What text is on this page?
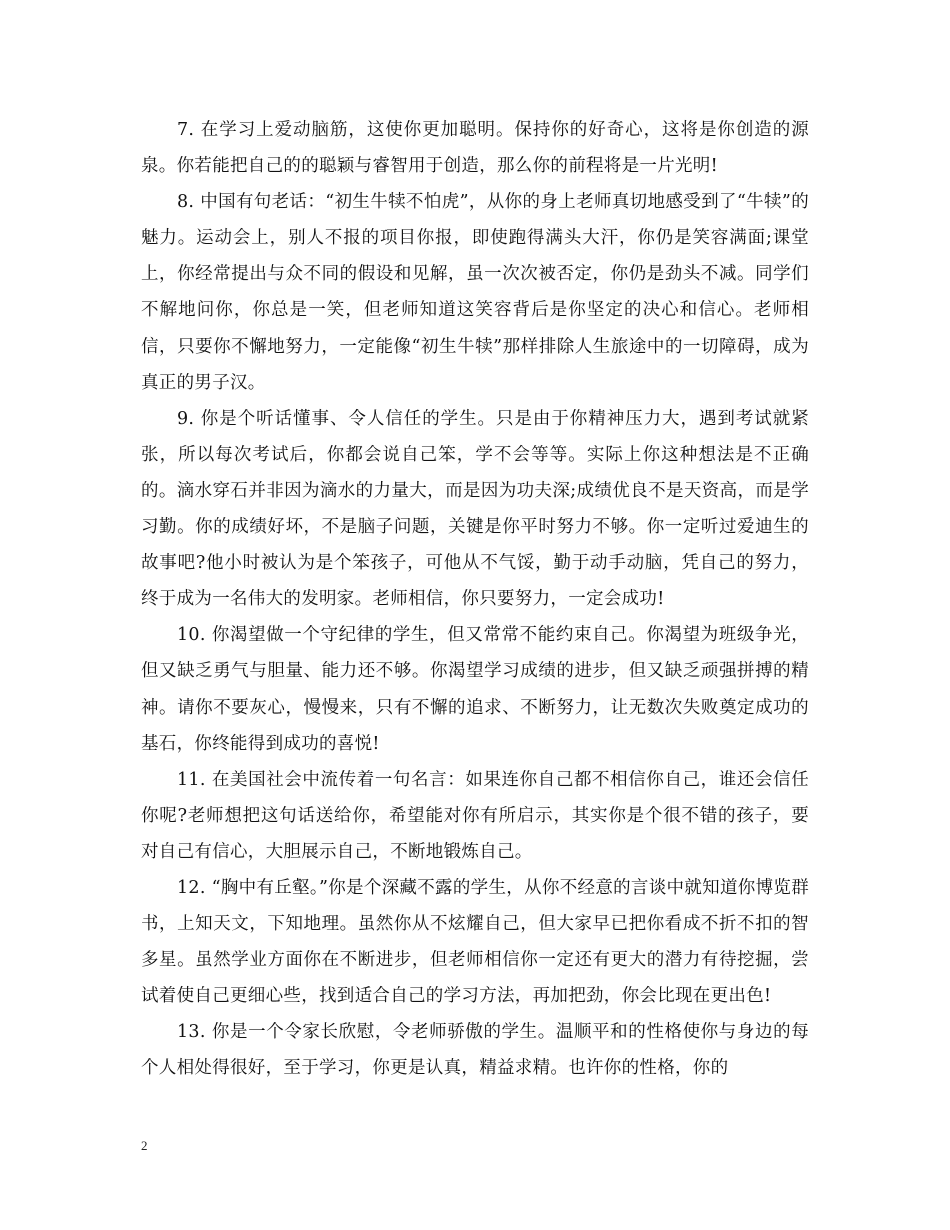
7. 在学习上爱动脑筋，这使你更加聪明。保持你的好奇心，这将是你创造的源泉。你若能把自己的的聪颖与睿智用于创造，那么你的前程将是一片光明!

8. 中国有句老话：“初生牛犊不怕虎”，从你的身上老师真切地感受到了“牛犊”的魅力。运动会上，别人不报的项目你报，即使跑得满头大汗，你仍是笑容满面;课堂上，你经常提出与众不同的假设和见解，虽一次次被否定，你仍是劲头不减。同学们不解地问你，你总是一笑，但老师知道这笑容背后是你坚定的决心和信心。老师相信，只要你不懈地努力，一定能像“初生牛犊”那样排除人生旅途中的一切障碍，成为真正的男子汉。

9. 你是个听话懂事、令人信任的学生。只是由于你精神压力大，遇到考试就紧张，所以每次考试后，你都会说自己笨，学不会等等。实际上你这种想法是不正确的。滴水穿石并非因为滴水的力量大，而是因为功夫深;成绩优良不是天资高，而是学习勤。你的成绩好坏，不是脑子问题，关键是你平时努力不够。你一定听过爱迪生的故事吧?他小时被认为是个笨孩子，可他从不气馁，勤于动手动脑，凭自己的努力，终于成为一名伟大的发明家。老师相信，你只要努力，一定会成功!

10. 你渴望做一个守纪律的学生，但又常常不能约束自己。你渴望为班级争光，但又缺乏勇气与胆量、能力还不够。你渴望学习成绩的进步，但又缺乏顽强拼搏的精神。请你不要灰心，慢慢来，只有不懈的追求、不断努力，让无数次失败奠定成功的基石，你终能得到成功的喜悦!

11. 在美国社会中流传着一句名言：如果连你自己都不相信你自己，谁还会信任你呢?老师想把这句话送给你，希望能对你有所启示，其实你是个很不错的孩子，要对自己有信心，大胆展示自己，不断地锻炼自己。

12. “胸中有丘壑。”你是个深藏不露的学生，从你不经意的言谈中就知道你博览群书，上知天文，下知地理。虽然你从不炫耀自己，但大家早已把你看成不折不扣的智多星。虽然学业方面你在不断进步，但老师相信你一定还有更大的潜力有待挖掘，尝试着使自己更细心些，找到适合自己的学习方法，再加把劲，你会比现在更出色!

13. 你是一个令家长欣慰，令老师骄傲的学生。温顺平和的性格使你与身边的每个人相处得很好，至于学习，你更是认真，精益求精。也许你的性格，你的

2
